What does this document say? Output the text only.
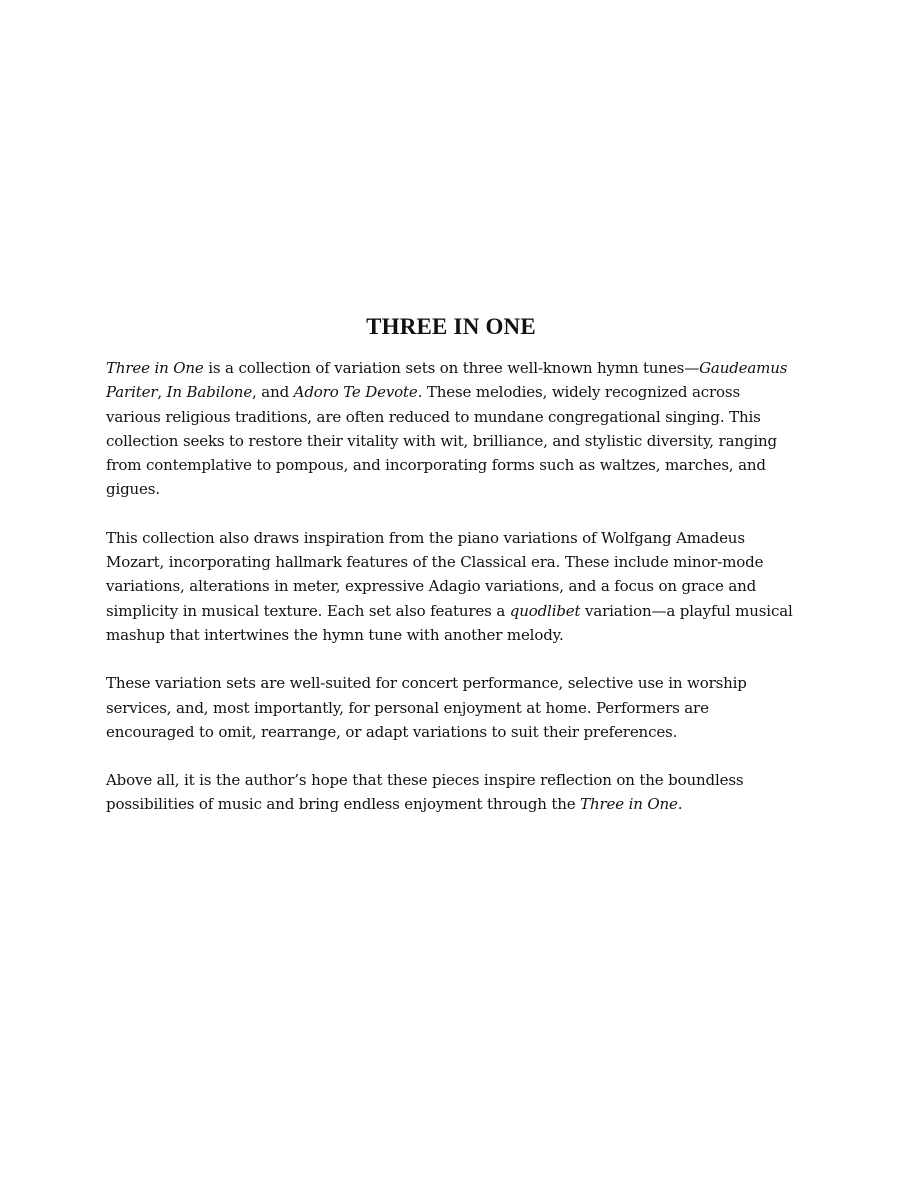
THREE IN ONE

Three in One is a collection of variation sets on three well-known hymn tunes—Gaudeamus Pariter, In Babilone, and Adoro Te Devote. These melodies, widely recognized across various religious traditions, are often reduced to mundane congregational singing. This collection seeks to restore their vitality with wit, brilliance, and stylistic diversity, ranging from contemplative to pompous, and incorporating forms such as waltzes, marches, and gigues.

This collection also draws inspiration from the piano variations of Wolfgang Amadeus Mozart, incorporating hallmark features of the Classical era. These include minor-mode variations, alterations in meter, expressive Adagio variations, and a focus on grace and simplicity in musical texture. Each set also features a quodlibet variation—a playful musical mashup that intertwines the hymn tune with another melody.

These variation sets are well-suited for concert performance, selective use in worship services, and, most importantly, for personal enjoyment at home. Performers are encouraged to omit, rearrange, or adapt variations to suit their preferences.

Above all, it is the author’s hope that these pieces inspire reflection on the boundless possibilities of music and bring endless enjoyment through the Three in One.
